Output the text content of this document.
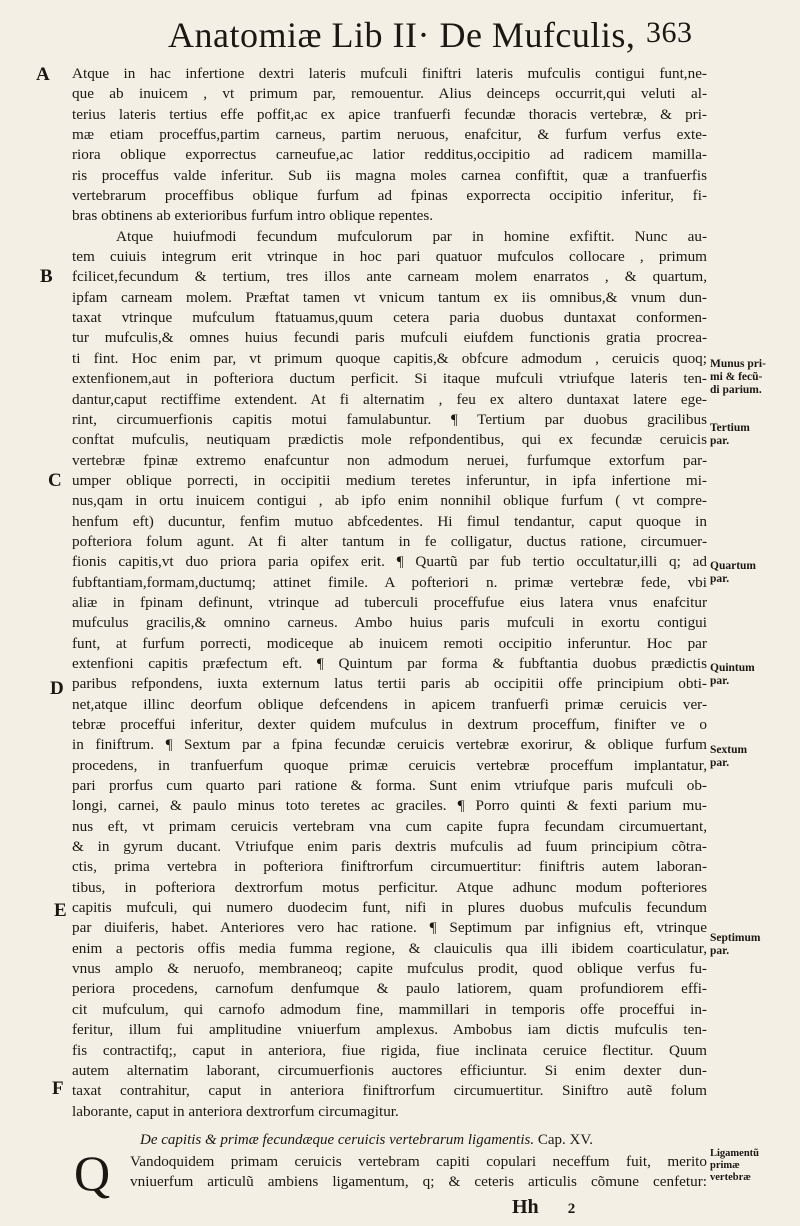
Anatomiæ Lib II· De Mufculis, 363
A
B
C
D
E
F
Munus pri-
mi & fecũ-
di parium.
Tertium
par.
Quartum
par.
Quintum
par.
Sextum
par.
Septimum
par.
Ligamentũ
primæ
vertebræ
Atque in hac infertione dextri lateris mufculi finiftri lateris mufculis contigui funt,ne-
que ab inuicem , vt primum par, remouentur. Alius deinceps occurrit,qui veluti al-
terius lateris tertius effe poffit,ac ex apice tranfuerfi fecundæ thoracis vertebræ, & pri-
mæ etiam proceffus,partim carneus, partim neruous, enafcitur, & furfum verfus exte-
riora oblique exporrectus carneufue,ac latior redditus,occipitio ad radicem mamilla-
ris proceffus valde inferitur. Sub iis magna moles carnea confiftit, quæ a tranfuerfis
vertebrarum proceffibus oblique furfum ad fpinas exporrecta occipitio inferitur, fi-
bras obtinens ab exterioribus furfum intro oblique repentes.
Atque huiufmodi fecundum mufculorum par in homine exfiftit. Nunc au-
tem cuiuis integrum erit vtrinque in hoc pari quatuor mufculos collocare , primum
fcilicet,fecundum & tertium, tres illos ante carneam molem enarratos , & quartum,
ipfam carneam molem. Præftat tamen vt vnicum tantum ex iis omnibus,& vnum dun-
taxat vtrinque mufculum ftatuamus,quum cetera paria duobus duntaxat conformen-
tur mufculis,& omnes huius fecundi paris mufculi eiufdem functionis gratia procrea-
ti fint. Hoc enim par, vt primum quoque capitis,& obfcure admodum , ceruicis quoq;
extenfionem,aut in pofteriora ductum perficit. Si itaque mufculi vtriufque lateris ten-
dantur,caput rectiffime extendent. At fi alternatim , feu ex altero duntaxat latere ege-
rint, circumuerfionis capitis motui famulabuntur. ¶ Tertium par duobus gracilibus
conftat mufculis, neutiquam prædictis mole refpondentibus, qui ex fecundæ ceruicis
vertebræ fpinæ extremo enafcuntur non admodum neruei, furfumque extorfum par-
umper oblique porrecti, in occipitii medium teretes inferuntur, in ipfa infertione mi-
nus,qam in ortu inuicem contigui , ab ipfo enim nonnihil oblique furfum ( vt compre-
henfum eft) ducuntur, fenfim mutuo abfcedentes. Hi fimul tendantur, caput quoque in
pofteriora folum agunt. At fi alter tantum in fe colligatur, ductus ratione, circumuer-
fionis capitis,vt duo priora paria opifex erit. ¶ Quartũ par fub tertio occultatur,illi q; ad
fubftantiam,formam,ductumq; attinet fimile. A pofteriori n. primæ vertebræ fede, vbi
aliæ in fpinam definunt, vtrinque ad tuberculi proceffufue eius latera vnus enafcitur
mufculus gracilis,& omnino carneus. Ambo huius paris mufculi in exortu contigui
funt, at furfum porrecti, modiceque ab inuicem remoti occipitio inferuntur. Hoc par
extenfioni capitis præfectum eft. ¶ Quintum par forma & fubftantia duobus prædictis
paribus refpondens, iuxta externum latus tertii paris ab occipitii offe principium obti-
net,atque illinc deorfum oblique defcendens in apicem tranfuerfi primæ ceruicis ver-
tebræ proceffui inferitur, dexter quidem mufculus in dextrum proceffum, finifter ve o
in finiftrum. ¶ Sextum par a fpina fecundæ ceruicis vertebræ exorirur, & oblique furfum
procedens, in tranfuerfum quoque primæ ceruicis vertebræ proceffum implantatur,
pari prorfus cum quarto pari ratione & forma. Sunt enim vtriufque paris mufculi ob-
longi, carnei, & paulo minus toto teretes ac graciles. ¶ Porro quinti & fexti parium mu-
nus eft, vt primam ceruicis vertebram vna cum capite fupra fecundam circumuertant,
& in gyrum ducant. Vtriufque enim paris dextris mufculis ad fuum principium cõtra-
ctis, prima vertebra in pofteriora finiftrorfum circumuertitur: finiftris autem laboran-
tibus, in pofteriora dextrorfum motus perficitur. Atque adhunc modum pofteriores
capitis mufculi, qui numero duodecim funt, nifi in plures duobus mufculis fecundum
par diuiferis, habet. Anteriores vero hac ratione. ¶ Septimum par infignius eft, vtrinque
enim a pectoris offis media fumma regione, & clauiculis qua illi ibidem coarticulatur,
vnus amplo & neruofo, membraneoq; capite mufculus prodit, quod oblique verfus fu-
periora procedens, carnofum denfumque & paulo latiorem, quam profundiorem effi-
cit mufculum, qui carnofo admodum fine, mammillari in temporis offe proceffui in-
feritur, illum fui amplitudine vniuerfum amplexus. Ambobus iam dictis mufculis ten-
fis contractifq;, caput in anteriora, fiue rigida, fiue inclinata ceruice flectitur. Quum
autem alternatim laborant, circumuerfionis auctores efficiuntur. Si enim dexter dun-
taxat contrahitur, caput in anteriora finiftrorfum circumuertitur. Siniftro autẽ folum
laborante, caput in anteriora dextrorfum circumagitur.
De capitis & primæ fecundæque ceruicis vertebrarum ligamentis. Cap. XV.
Q Vandoquidem primam ceruicis vertebram capiti copulari neceffum fuit, merito
vniuerfum articulũ ambiens ligamentum, q; & ceteris articulis cõmune cenfetur:
Hh 2
